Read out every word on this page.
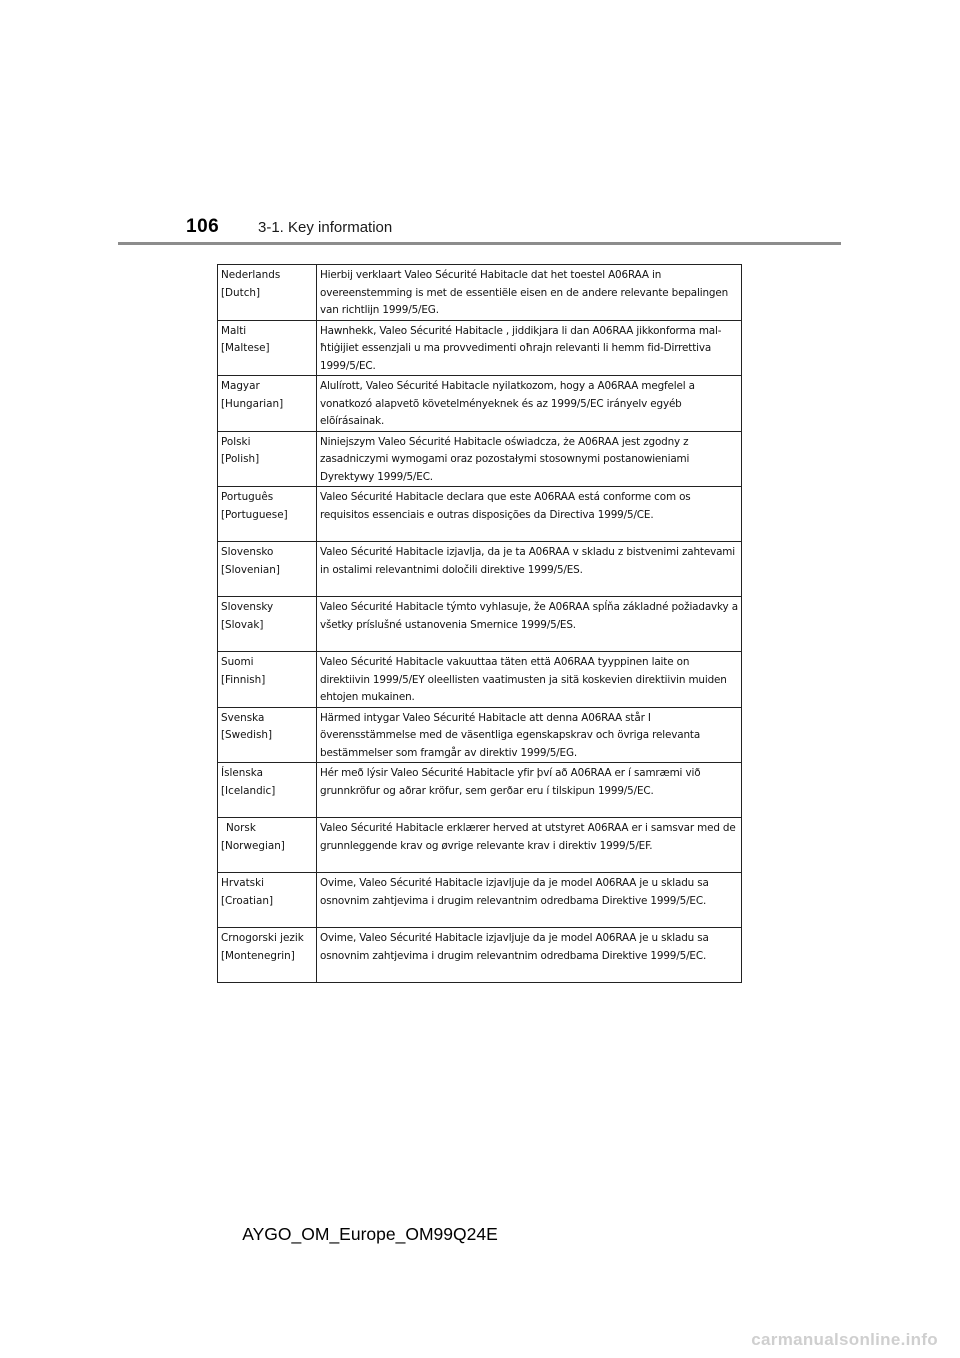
106	3-1. Key information
Nederlands
[Dutch]	Hierbij verklaart Valeo Sécurité Habitacle dat het toestel A06RAA in overeenstemming is met de essentiële eisen en de andere relevante bepalingen van richtlijn 1999/5/EG.

Malti
[Maltese]	Hawnhekk, Valeo Sécurité Habitacle , jiddikjara li dan A06RAA jikkonforma mal-ħtiġijiet essenzjali u ma provvedimenti oħrajn relevanti li hemm fid-Dirrettiva 1999/5/EC.

Magyar
[Hungarian]	Alulírott, Valeo Sécurité Habitacle nyilatkozom, hogy a A06RAA megfelel a vonatkozó alapvetõ követelményeknek és az 1999/5/EC irányelv egyéb elõírásainak.

Polski
[Polish]	Niniejszym Valeo Sécurité Habitacle oświadcza, że A06RAA jest zgodny z zasadniczymi wymogami oraz pozostałymi stosownymi postanowieniami Dyrektywy 1999/5/EC.

Português
[Portuguese]	Valeo Sécurité Habitacle declara que este A06RAA está conforme com os requisitos essenciais e outras disposições da Directiva 1999/5/CE.

Slovensko
[Slovenian]	Valeo Sécurité Habitacle izjavlja, da je ta A06RAA v skladu z bistvenimi zahtevami in ostalimi relevantnimi določili direktive 1999/5/ES.

Slovensky
[Slovak]	Valeo Sécurité Habitacle týmto vyhlasuje, že A06RAA spĺňa základné požiadavky a všetky príslušné ustanovenia Smernice 1999/5/ES.

Suomi
[Finnish]	Valeo Sécurité Habitacle vakuuttaa täten että A06RAA tyyppinen laite on direktiivin 1999/5/EY oleellisten vaatimusten ja sitä koskevien direktiivin muiden ehtojen mukainen.

Svenska
[Swedish]	Härmed intygar Valeo Sécurité Habitacle att denna A06RAA står I överensstämmelse med de väsentliga egenskapskrav och övriga relevanta bestämmelser som framgår av direktiv 1999/5/EG.

Íslenska
[Icelandic]	Hér með lýsir Valeo Sécurité Habitacle yfir því að A06RAA er í samræmi við grunnkröfur og aðrar kröfur, sem gerðar eru í tilskipun 1999/5/EC.

Norsk
[Norwegian]	Valeo Sécurité Habitacle erklærer herved at utstyret A06RAA er i samsvar med de grunnleggende krav og øvrige relevante krav i direktiv 1999/5/EF.

Hrvatski
[Croatian]	Ovime, Valeo Sécurité Habitacle izjavljuje da je model A06RAA je u skladu sa osnovnim zahtjevima i drugim relevantnim odredbama Direktive 1999/5/EC.

Crnogorski jezik
[Montenegrin]	Ovime, Valeo Sécurité Habitacle izjavljuje da je model A06RAA je u skladu sa osnovnim zahtjevima i drugim relevantnim odredbama Direktive 1999/5/EC.
AYGO_OM_Europe_OM99Q24E
carmanualsonline.info
